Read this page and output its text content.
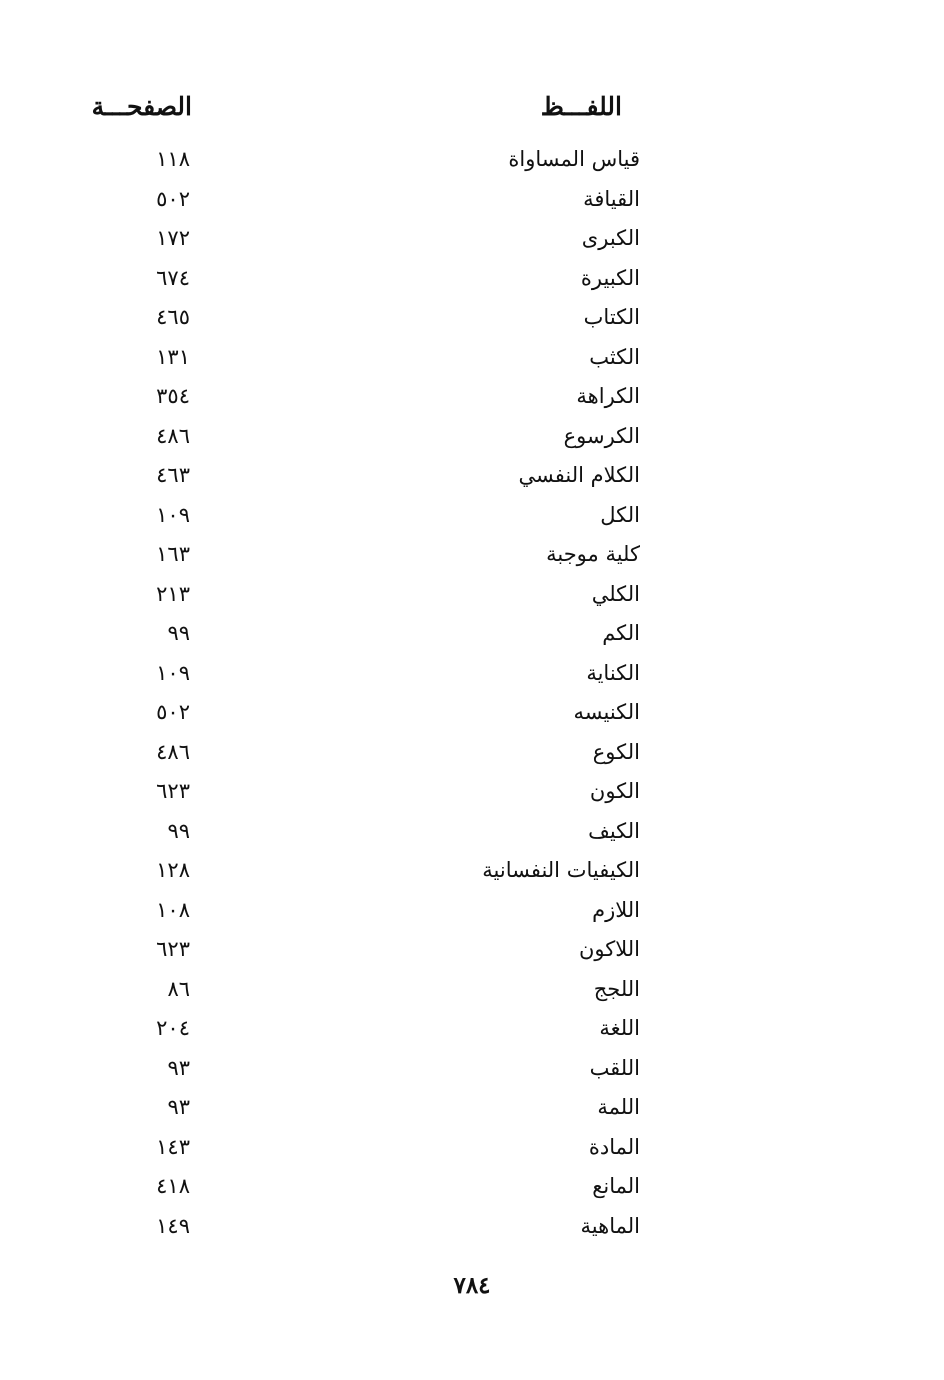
اللفـــظ
الصفحـــة
قياس المساواة
١١٨
القيافة
٥٠٢
الكبرى
١٧٢
الكبيرة
٦٧٤
الكتاب
٤٦٥
الكثب
١٣١
الكراهة
٣٥٤
الكرسوع
٤٨٦
الكلام النفسي
٤٦٣
الكل
١٠٩
كلية موجبة
١٦٣
الكلي
٢١٣
الكم
٩٩
الكناية
١٠٩
الكنيسه
٥٠٢
الكوع
٤٨٦
الكون
٦٢٣
الكيف
٩٩
الكيفيات النفسانية
١٢٨
اللازم
١٠٨
اللاكون
٦٢٣
اللجج
٨٦
اللغة
٢٠٤
اللقب
٩٣
اللمة
٩٣
المادة
١٤٣
المانع
٤١٨
الماهية
١٤٩
٧٨٤
